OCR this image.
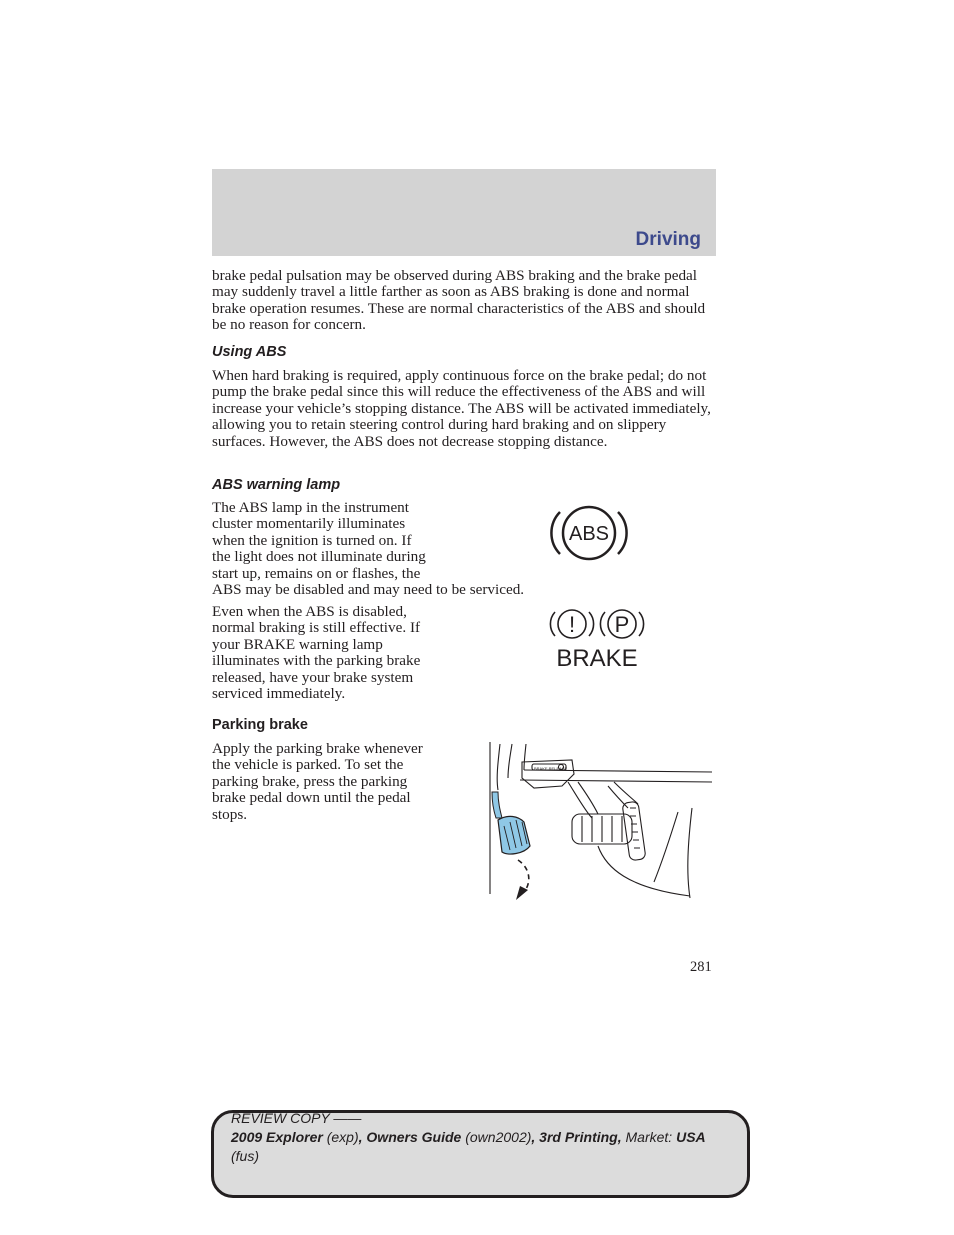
Driving

brake pedal pulsation may be observed during ABS braking and the brake pedal may suddenly travel a little farther as soon as ABS braking is done and normal brake operation resumes. These are normal characteristics of the ABS and should be no reason for concern.

Using ABS

When hard braking is required, apply continuous force on the brake pedal; do not pump the brake pedal since this will reduce the effectiveness of the ABS and will increase your vehicle’s stopping distance. The ABS will be activated immediately, allowing you to retain steering control during hard braking and on slippery surfaces. However, the ABS does not decrease stopping distance.

ABS warning lamp
The ABS lamp in the instrument
cluster momentarily illuminates
when the ignition is turned on. If
the light does not illuminate during
start up, remains on or flashes, the
ABS may be disabled and may need to be serviced.
ABS
Even when the ABS is disabled,
normal braking is still effective. If
your BRAKE warning lamp
illuminates with the parking brake
released, have your brake system
serviced immediately.
! P
BRAKE
Parking brake
Apply the parking brake whenever
the vehicle is parked. To set the
parking brake, press the parking
brake pedal down until the pedal
stops.
BRAKE RELEASE
281
REVIEW COPY ——
2009 Explorer (exp), Owners Guide (own2002), 3rd Printing, Market: USA
(fus)
